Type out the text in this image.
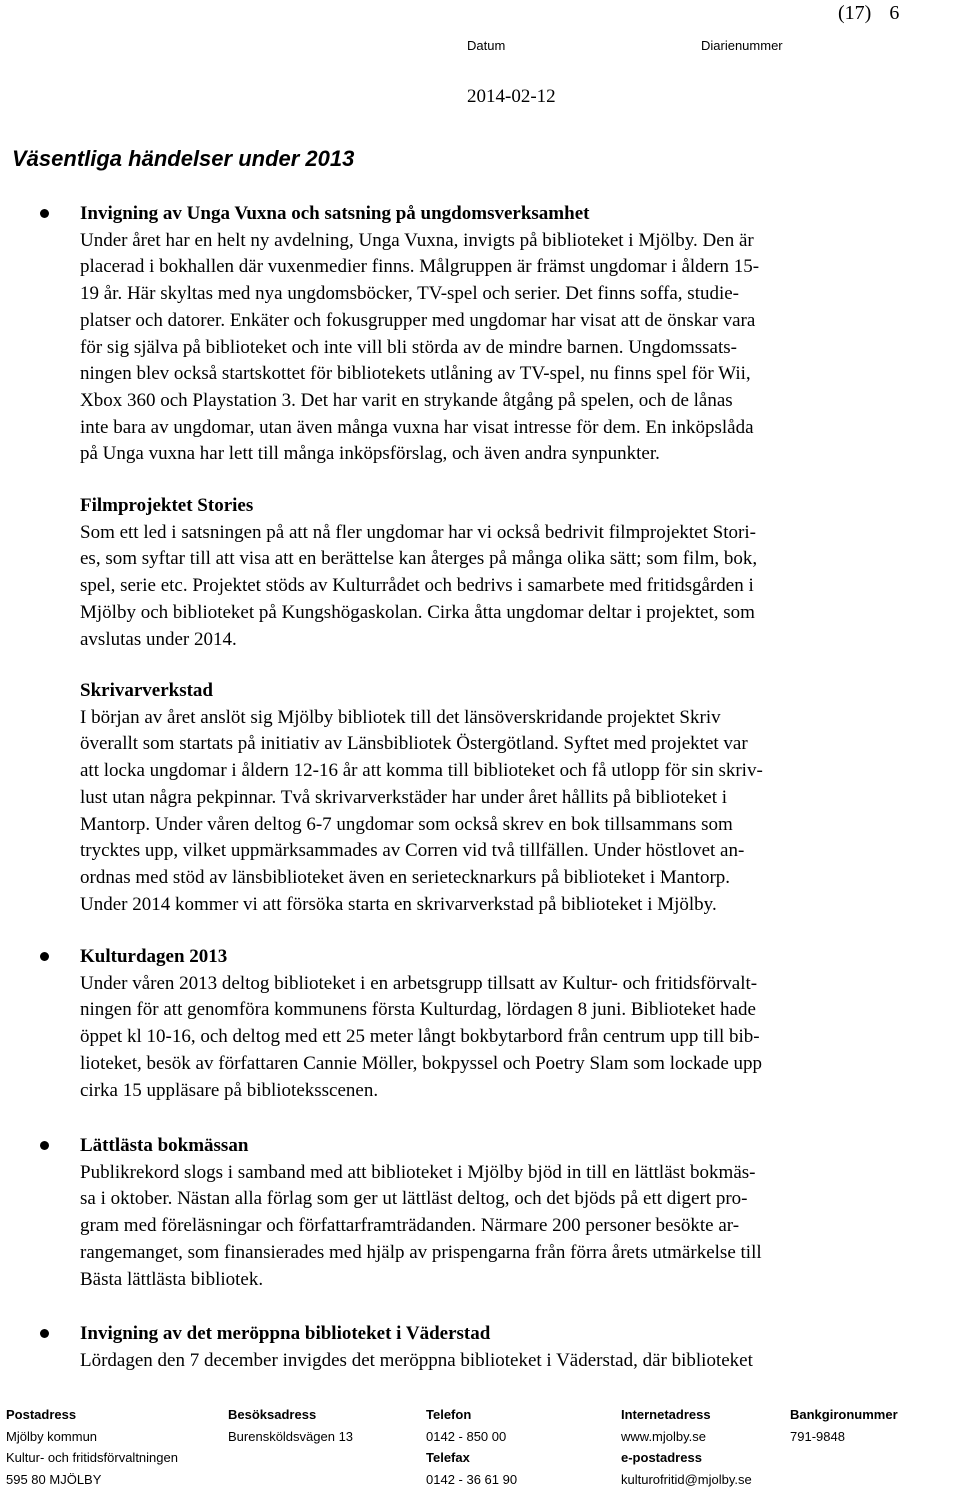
(17) 6
Datum	Diarienummer
2014-02-12
Väsentliga händelser under 2013
Invigning av Unga Vuxna och satsning på ungdomsverksamhet
Under året har en helt ny avdelning, Unga Vuxna, invigts på biblioteket i Mjölby. Den är
placerad i bokhallen där vuxenmedier finns. Målgruppen är främst ungdomar i åldern 15-
19 år. Här skyltas med nya ungdomsböcker, TV-spel och serier. Det finns soffa, studie-
platser och datorer. Enkäter och fokusgrupper med ungdomar har visat att de önskar vara
för sig själva på biblioteket och inte vill bli störda av de mindre barnen. Ungdomssats-
ningen blev också startskottet för bibliotekets utlåning av TV-spel, nu finns spel för Wii,
Xbox 360 och Playstation 3. Det har varit en strykande åtgång på spelen, och de lånas
inte bara av ungdomar, utan även många vuxna har visat intresse för dem. En inköpslåda
på Unga vuxna har lett till många inköpsförslag, och även andra synpunkter.
Filmprojektet Stories
Som ett led i satsningen på att nå fler ungdomar har vi också bedrivit filmprojektet Stori-
es, som syftar till att visa att en berättelse kan återges på många olika sätt; som film, bok,
spel, serie etc. Projektet stöds av Kulturrådet och bedrivs i samarbete med fritidsgården i
Mjölby och biblioteket på Kungshögaskolan. Cirka åtta ungdomar deltar i projektet, som
avslutas under 2014.
Skrivarverkstad
I början av året anslöt sig Mjölby bibliotek till det länsöverskridande projektet Skriv
överallt som startats på initiativ av Länsbibliotek Östergötland. Syftet med projektet var
att locka ungdomar i åldern 12-16 år att komma till biblioteket och få utlopp för sin skriv-
lust utan några pekpinnar. Två skrivarverkstäder har under året hållits på biblioteket i
Mantorp. Under våren deltog 6-7 ungdomar som också skrev en bok tillsammans som
trycktes upp, vilket uppmärksammades av Corren vid två tillfällen. Under höstlovet an-
ordnas med stöd av länsbiblioteket även en serietecknarkurs på biblioteket i Mantorp.
Under 2014 kommer vi att försöka starta en skrivarverkstad på biblioteket i Mjölby.
Kulturdagen 2013
Under våren 2013 deltog biblioteket i en arbetsgrupp tillsatt av Kultur- och fritidsförvalt-
ningen för att genomföra kommunens första Kulturdag, lördagen 8 juni. Biblioteket hade
öppet kl 10-16, och deltog med ett 25 meter långt bokbytarbord från centrum upp till bib-
lioteket, besök av författaren Cannie Möller, bokpyssel och Poetry Slam som lockade upp
cirka 15 uppläsare på biblioteksscenen.
Lättlästa bokmässan
Publikrekord slogs i samband med att biblioteket i Mjölby bjöd in till en lättläst bokmäs-
sa i oktober. Nästan alla förlag som ger ut lättläst deltog, och det bjöds på ett digert pro-
gram med föreläsningar och författarframträdanden. Närmare 200 personer besökte ar-
rangemanget, som finansierades med hjälp av prispengarna från förra årets utmärkelse till
Bästa lättlästa bibliotek.
Invigning av det meröppna biblioteket i Väderstad
Lördagen den 7 december invigdes det meröppna biblioteket i Väderstad, där biblioteket
Postadress
Mjölby kommun
Kultur- och fritidsförvaltningen
595 80 MJÖLBY
Besöksadress
Burensköldsvägen 13
Telefon
0142 - 850 00
Telefax
0142 - 36 61 90
Internetadress
www.mjolby.se
e-postadress
kulturofritid@mjolby.se
Bankgironummer
791-9848
